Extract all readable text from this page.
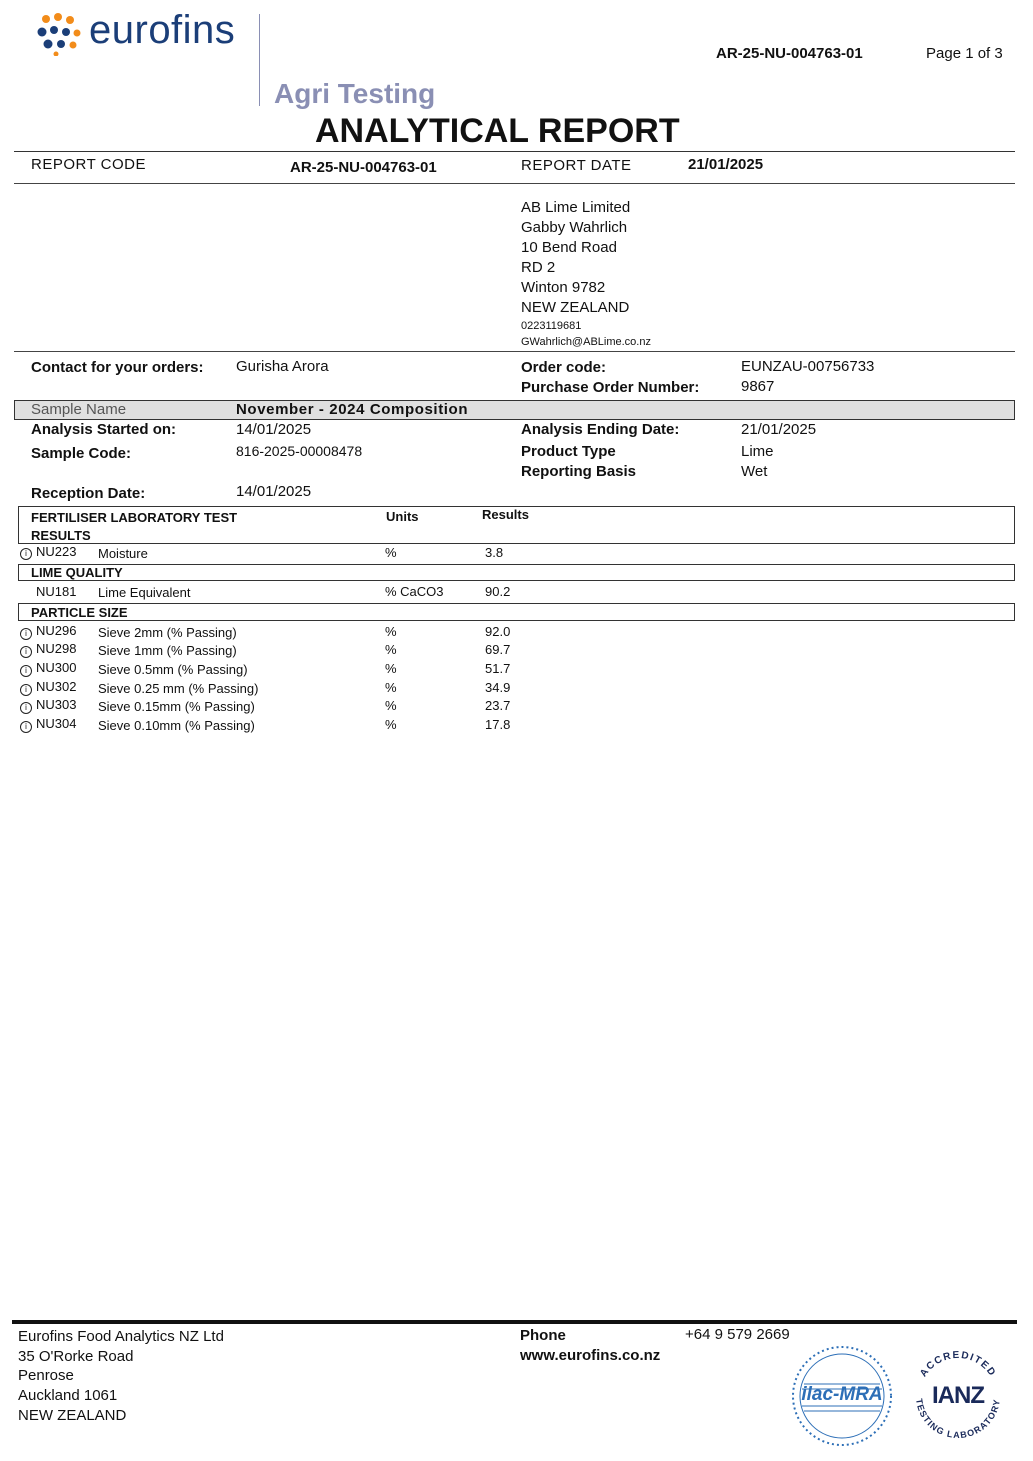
eurofins
Agri Testing
AR-25-NU-004763-01	Page 1 of 3
ANALYTICAL REPORT
REPORT CODE	AR-25-NU-004763-01	REPORT DATE	21/01/2025
AB Lime Limited
Gabby Wahrlich
10 Bend Road
RD 2
Winton 9782
NEW ZEALAND
0223119681
GWahrlich@ABLime.co.nz
Contact for your orders: Gurisha Arora	Order code:	EUNZAU-00756733
Purchase Order Number:	9867
Sample Name	November - 2024 Composition
Analysis Started on:	14/01/2025	Analysis Ending Date:	21/01/2025
Sample Code:	816-2025-00008478	Product Type	Lime
Reporting Basis	Wet
Reception Date:	14/01/2025
FERTILISER LABORATORY TEST
RESULTS
Units	Results
i NU223 Moisture	%	3.8
LIME QUALITY
NU181 Lime Equivalent	% CaCO3	90.2
PARTICLE SIZE
i NU296 Sieve 2mm (% Passing)	%	92.0
i NU298 Sieve 1mm (% Passing)	%	69.7
i NU300 Sieve 0.5mm (% Passing)	%	51.7
i NU302 Sieve 0.25 mm (% Passing)	%	34.9
i NU303 Sieve 0.15mm (% Passing)	%	23.7
i NU304 Sieve 0.10mm (% Passing)	%	17.8
Eurofins Food Analytics NZ Ltd
35 O'Rorke Road
Penrose
Auckland 1061
NEW ZEALAND
Phone	+64 9 579 2669
www.eurofins.co.nz
ilac-MRA
ACCREDITED
TESTING LABORATORY
IANZ
